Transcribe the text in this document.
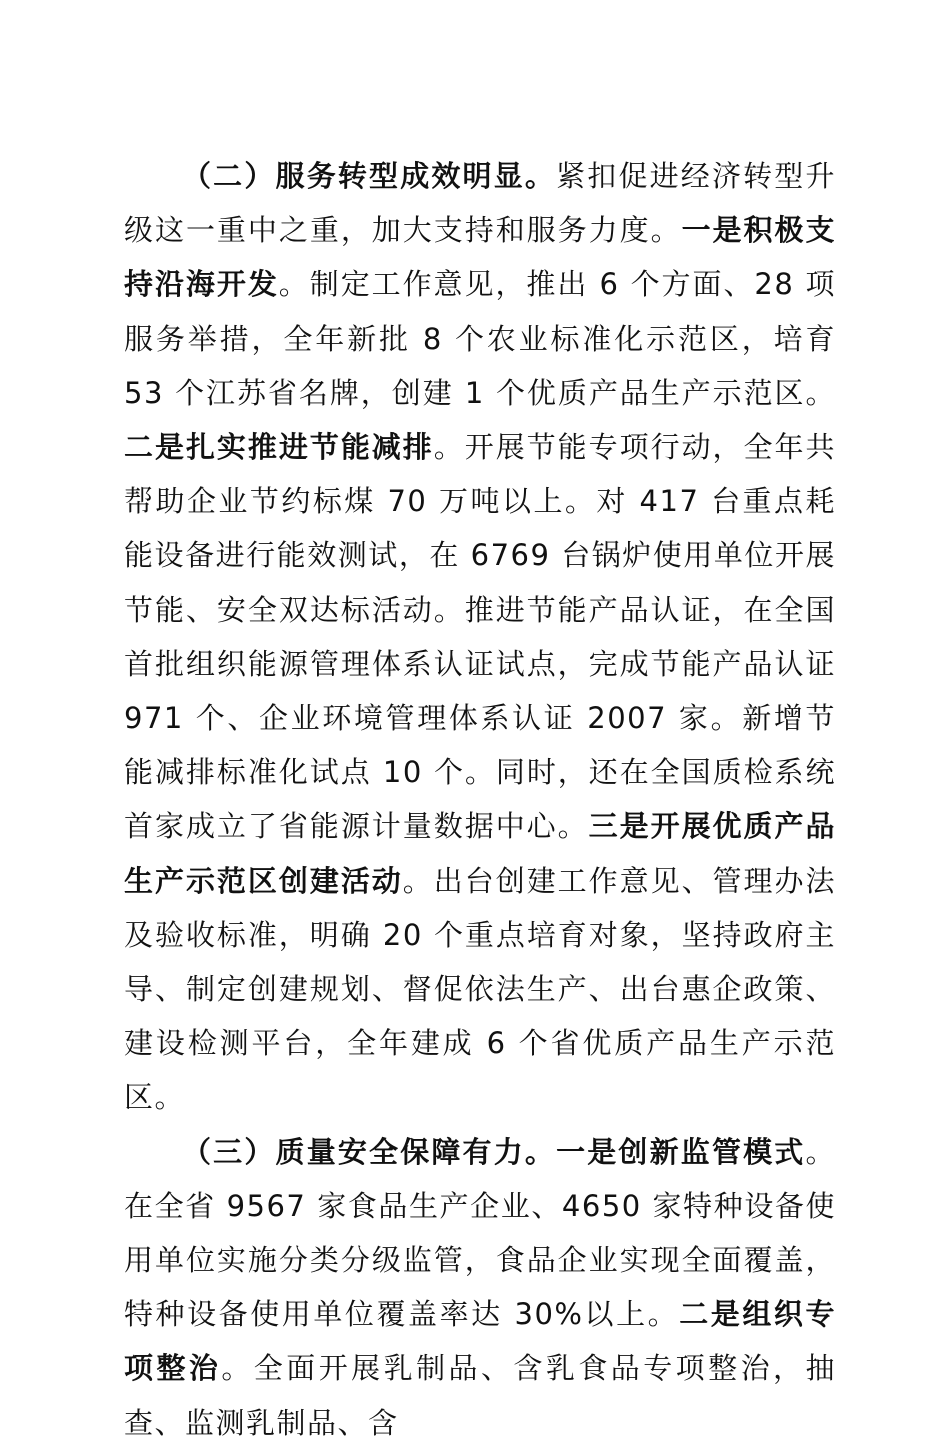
（二）服务转型成效明显。紧扣促进经济转型升级这一重中之重，加大支持和服务力度。一是积极支持沿海开发。制定工作意见，推出 6 个方面、28 项服务举措，全年新批 8 个农业标准化示范区，培育 53 个江苏省名牌，创建 1 个优质产品生产示范区。二是扎实推进节能减排。开展节能专项行动，全年共帮助企业节约标煤 70 万吨以上。对 417 台重点耗能设备进行能效测试，在 6769 台锅炉使用单位开展节能、安全双达标活动。推进节能产品认证，在全国首批组织能源管理体系认证试点，完成节能产品认证 971 个、企业环境管理体系认证 2007 家。新增节能减排标准化试点 10 个。同时，还在全国质检系统首家成立了省能源计量数据中心。三是开展优质产品生产示范区创建活动。出台创建工作意见、管理办法及验收标准，明确 20 个重点培育对象，坚持政府主导、制定创建规划、督促依法生产、出台惠企政策、建设检测平台，全年建成 6 个省优质产品生产示范区。

（三）质量安全保障有力。一是创新监管模式。在全省 9567 家食品生产企业、4650 家特种设备使用单位实施分类分级监管，食品企业实现全面覆盖，特种设备使用单位覆盖率达 30%以上。二是组织专项整治。全面开展乳制品、含乳食品专项整治，抽查、监测乳制品、含
